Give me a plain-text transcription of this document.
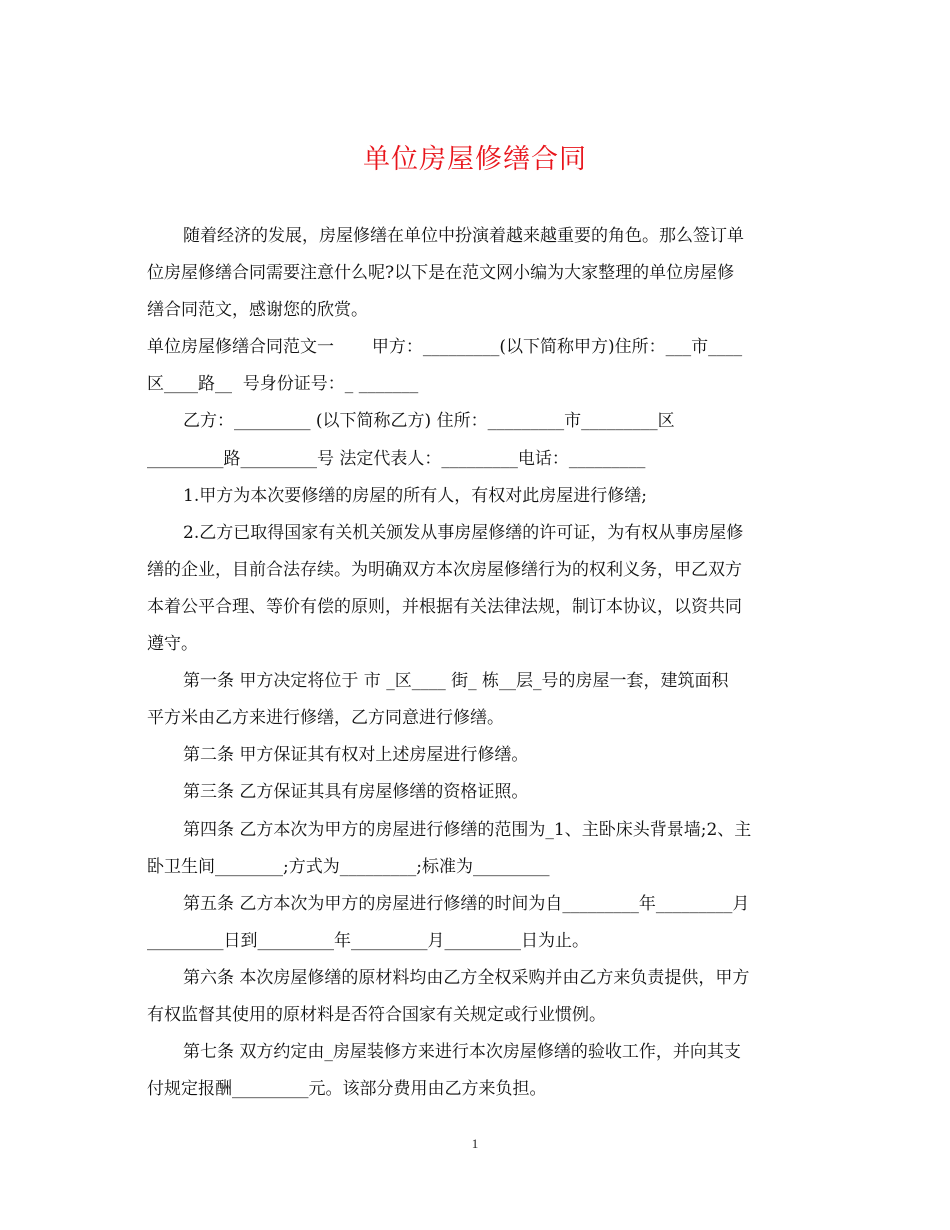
单位房屋修缮合同
随着经济的发展，房屋修缮在单位中扮演着越来越重要的角色。那么签订单
位房屋修缮合同需要注意什么呢?以下是在范文网小编为大家整理的单位房屋修
缮合同范文，感谢您的欣赏。
单位房屋修缮合同范文一       甲方：_________(以下简称甲方)住所：___市____
区____路__  号身份证号：_ _______
乙方：_________ (以下简称乙方) 住所：_________市_________区
_________路_________号 法定代表人：_________电话：_________
1.甲方为本次要修缮的房屋的所有人，有权对此房屋进行修缮;
2.乙方已取得国家有关机关颁发从事房屋修缮的许可证，为有权从事房屋修
缮的企业，目前合法存续。为明确双方本次房屋修缮行为的权利义务，甲乙双方
本着公平合理、等价有偿的原则，并根据有关法律法规，制订本协议，以资共同
遵守。
第一条 甲方决定将位于 市 _区____ 街_ 栋__层_号的房屋一套，建筑面积
平方米由乙方来进行修缮，乙方同意进行修缮。
第二条 甲方保证其有权对上述房屋进行修缮。
第三条 乙方保证其具有房屋修缮的资格证照。
第四条 乙方本次为甲方的房屋进行修缮的范围为_1、主卧床头背景墙;2、主
卧卫生间________;方式为_________;标准为_________
第五条 乙方本次为甲方的房屋进行修缮的时间为自_________年_________月
_________日到_________年_________月_________日为止。
第六条 本次房屋修缮的原材料均由乙方全权采购并由乙方来负责提供，甲方
有权监督其使用的原材料是否符合国家有关规定或行业惯例。
第七条 双方约定由_房屋装修方来进行本次房屋修缮的验收工作，并向其支
付规定报酬_________元。该部分费用由乙方来负担。
1
